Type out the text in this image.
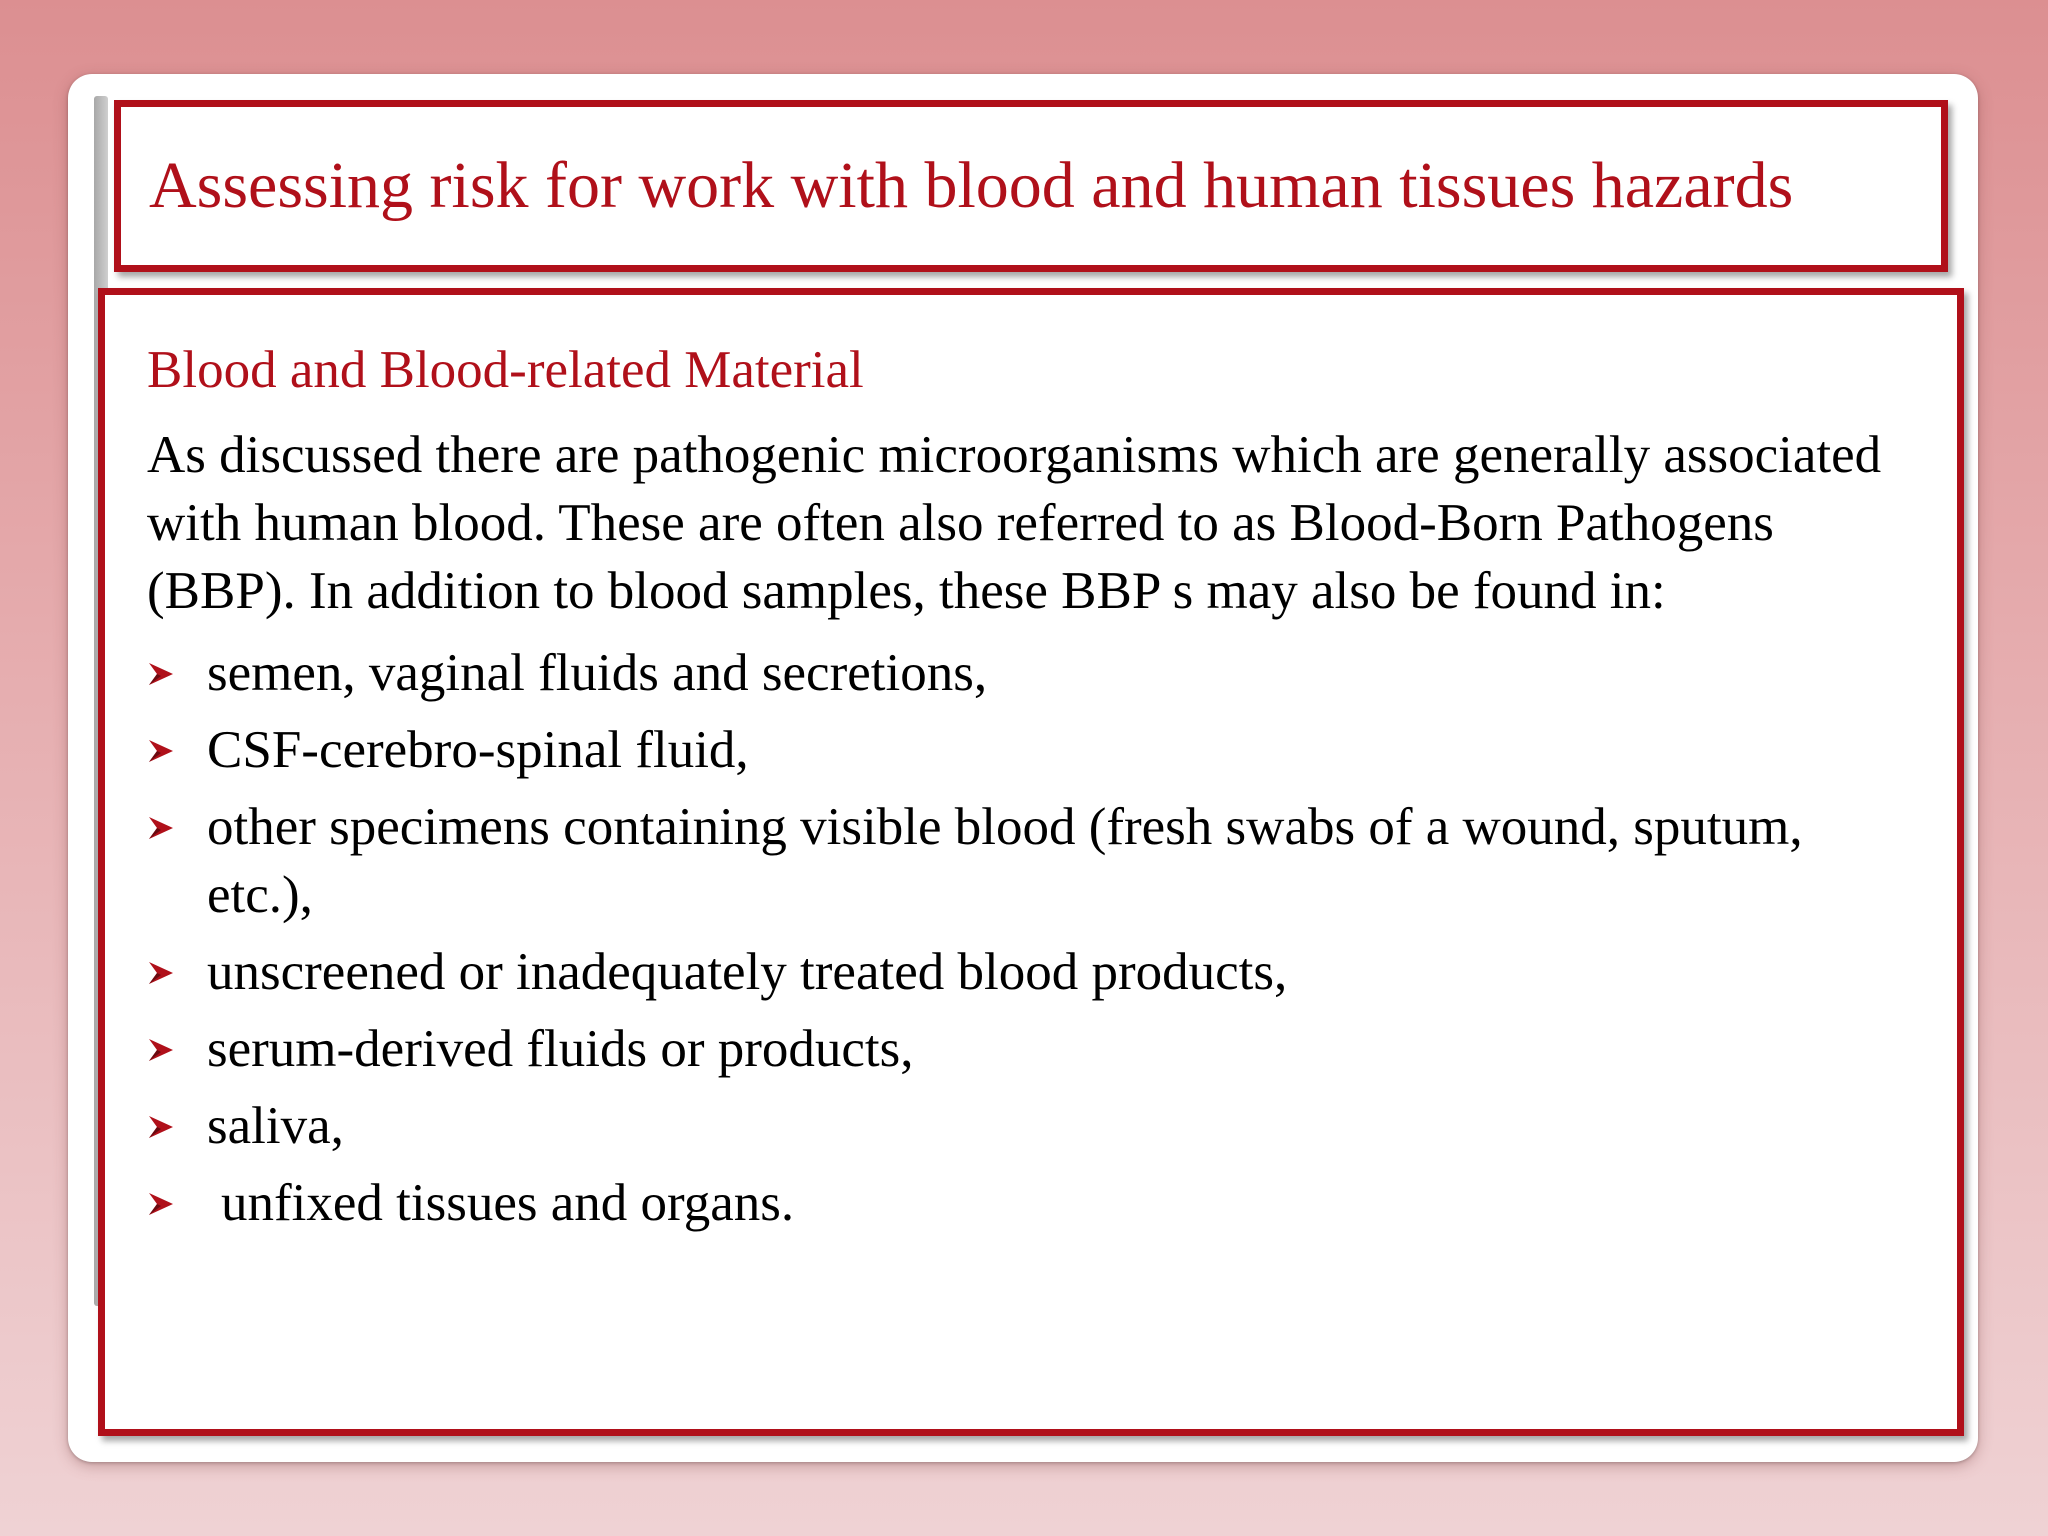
Assessing risk for work with blood and human tissues hazards
Blood and Blood-related Material

As discussed there are pathogenic microorganisms which are generally associated with human blood. These are often also referred to as Blood-Born Pathogens (BBP). In addition to blood samples, these BBP s may also be found in:

semen, vaginal fluids and secretions,
CSF-cerebro-spinal fluid,
other specimens containing visible blood (fresh swabs of a wound, sputum, etc.),
unscreened or inadequately treated blood products,
serum-derived fluids or products,
saliva,
unfixed tissues and organs.
